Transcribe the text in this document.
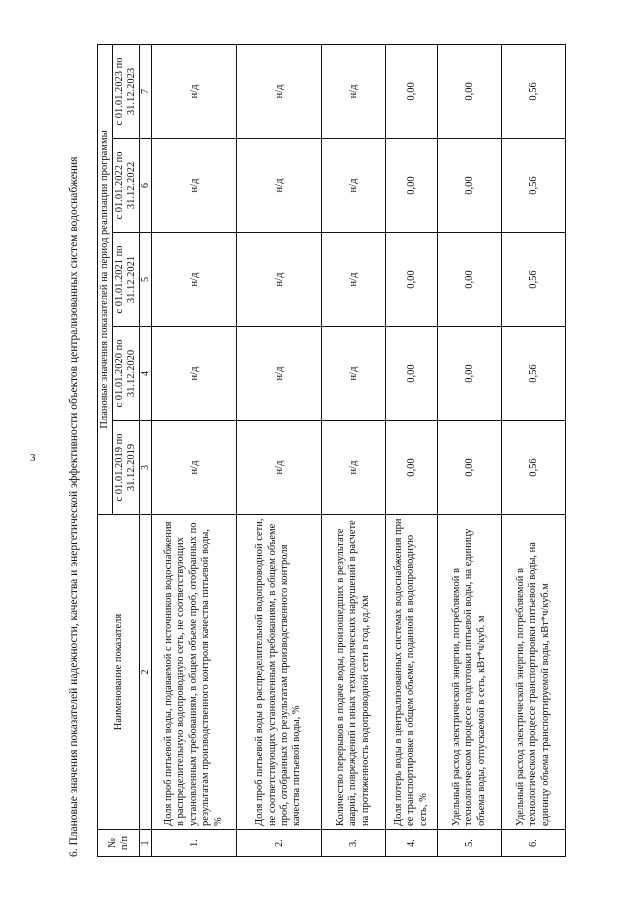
3	6. Плановые значения показателей надежности, качества и энергетической эффективности объектов централизованных систем водоснабжения	№ п/п	Наименование показателя	Плановые значения показателей на период реализации программы				
		с 01.01.2019 по 31.12.2019	с 01.01.2020 по 31.12.2020	с 01.01.2021 по 31.12.2021	с 01.01.2022 по 31.12.2022	с 01.01.2023 по 31.12.2023
1	2	3	4	5	6	7
1.	Доля проб питьевой воды, подаваемой с источников водоснабжения в распределительную водопроводную сеть, не соответствующих установленным требованиям, в общем объеме проб, отобранных по результатам производственного контроля качества питьевой воды, %	н/д	н/д	н/д	н/д	н/д
2.	Доля проб питьевой воды в распределительной водопроводной сети, не соответствующих установленным требованиям, в общем объеме проб, отобранных по результатам производственного контроля качества питьевой воды, %	н/д	н/д	н/д	н/д	н/д
3.	Количество перерывов в подаче воды, произошедших в результате аварий, повреждений и иных технологических нарушений в расчете на протяженность водопроводной сети в год, ед./км	н/д	н/д	н/д	н/д	н/д
4.	Доля потерь воды в централизованных системах водоснабжения при ее транспортировке в общем объеме, поданной в водопроводную сеть, %	0,00	0,00	0,00	0,00	0,00
5.	Удельный расход электрической энергии, потребляемой в технологическом процессе подготовки питьевой воды, на единицу объема воды, отпускаемой в сеть, кВт*ч/куб. м	0,00	0,00	0,00	0,00	0,00
6.	Удельный расход электрической энергии, потребляемой в технологическом процессе транспортировки питьевой воды, на единицу объема транспортируемой воды, кВт*ч/куб.м	0,56	0,56	0,56	0,56	0,56
